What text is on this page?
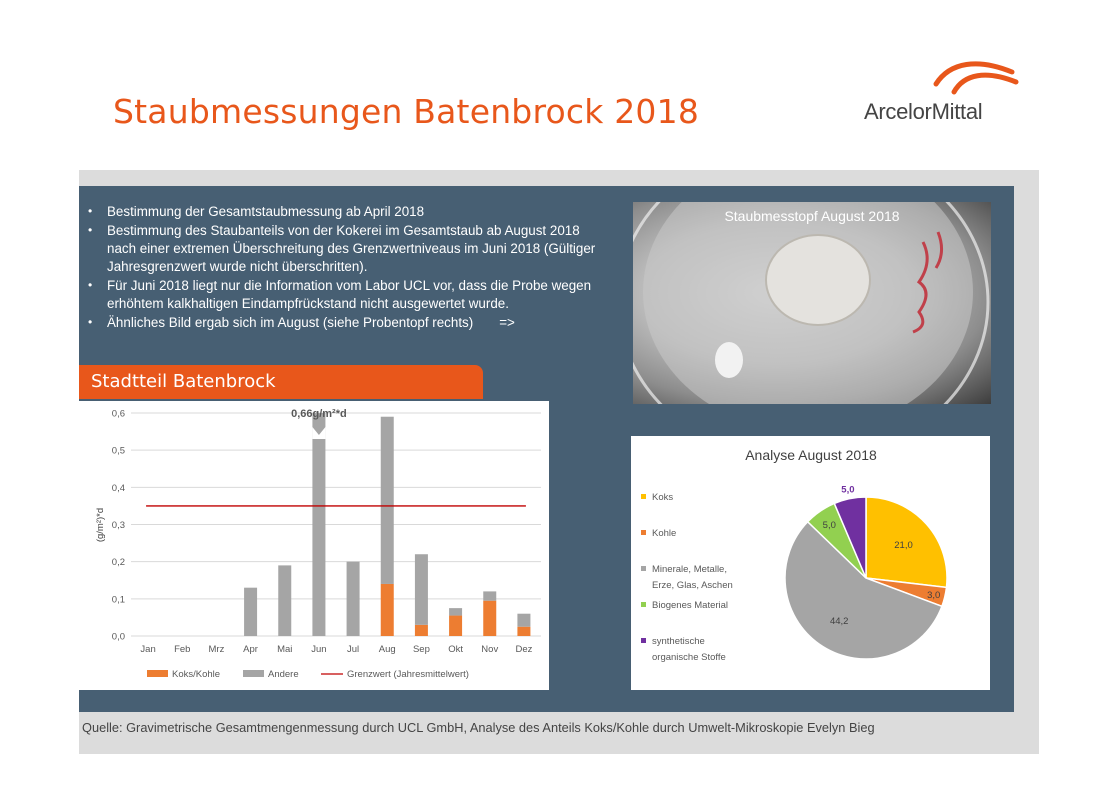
Staubmessungen Batenbrock 2018	ArcelorMittal
• Bestimmung der Gesamtstaubmessung ab April 2018
• Bestimmung des Staubanteils von der Kokerei im Gesamtstaub ab August 2018 nach einer extremen Überschreitung des Grenzwertniveaus im Juni 2018 (Gültiger Jahresgrenzwert wurde nicht überschritten).
• Für Juni 2018 liegt nur die Information vom Labor UCL vor, dass die Probe wegen erhöhtem kalkhaltigen Eindampfrückstand nicht ausgewertet wurde.
• Ähnliches Bild ergab sich im August (siehe Probentopf rechts) =>
Stadtteil Batenbrock
Staubmesstopf August 2018
0,0
0,1
0,2
0,3
0,4
0,5
0,6
(g/m²)*d
Jan Feb Mrz Apr Mai Jun Jul Aug Sep Okt Nov Dez
0,66g/m²*d
Koks/Kohle	Andere	Grenzwert (Jahresmittelwert)
Analyse August 2018
Koks
Kohle
Minerale, Metalle, Erze, Glas, Aschen
Biogenes Material
synthetische organische Stoffe
21,0
3,0
44,2
5,0
5,0
Quelle: Gravimetrische Gesamtmengenmessung durch UCL GmbH, Analyse des Anteils Koks/Kohle durch Umwelt-Mikroskopie Evelyn Bieg
